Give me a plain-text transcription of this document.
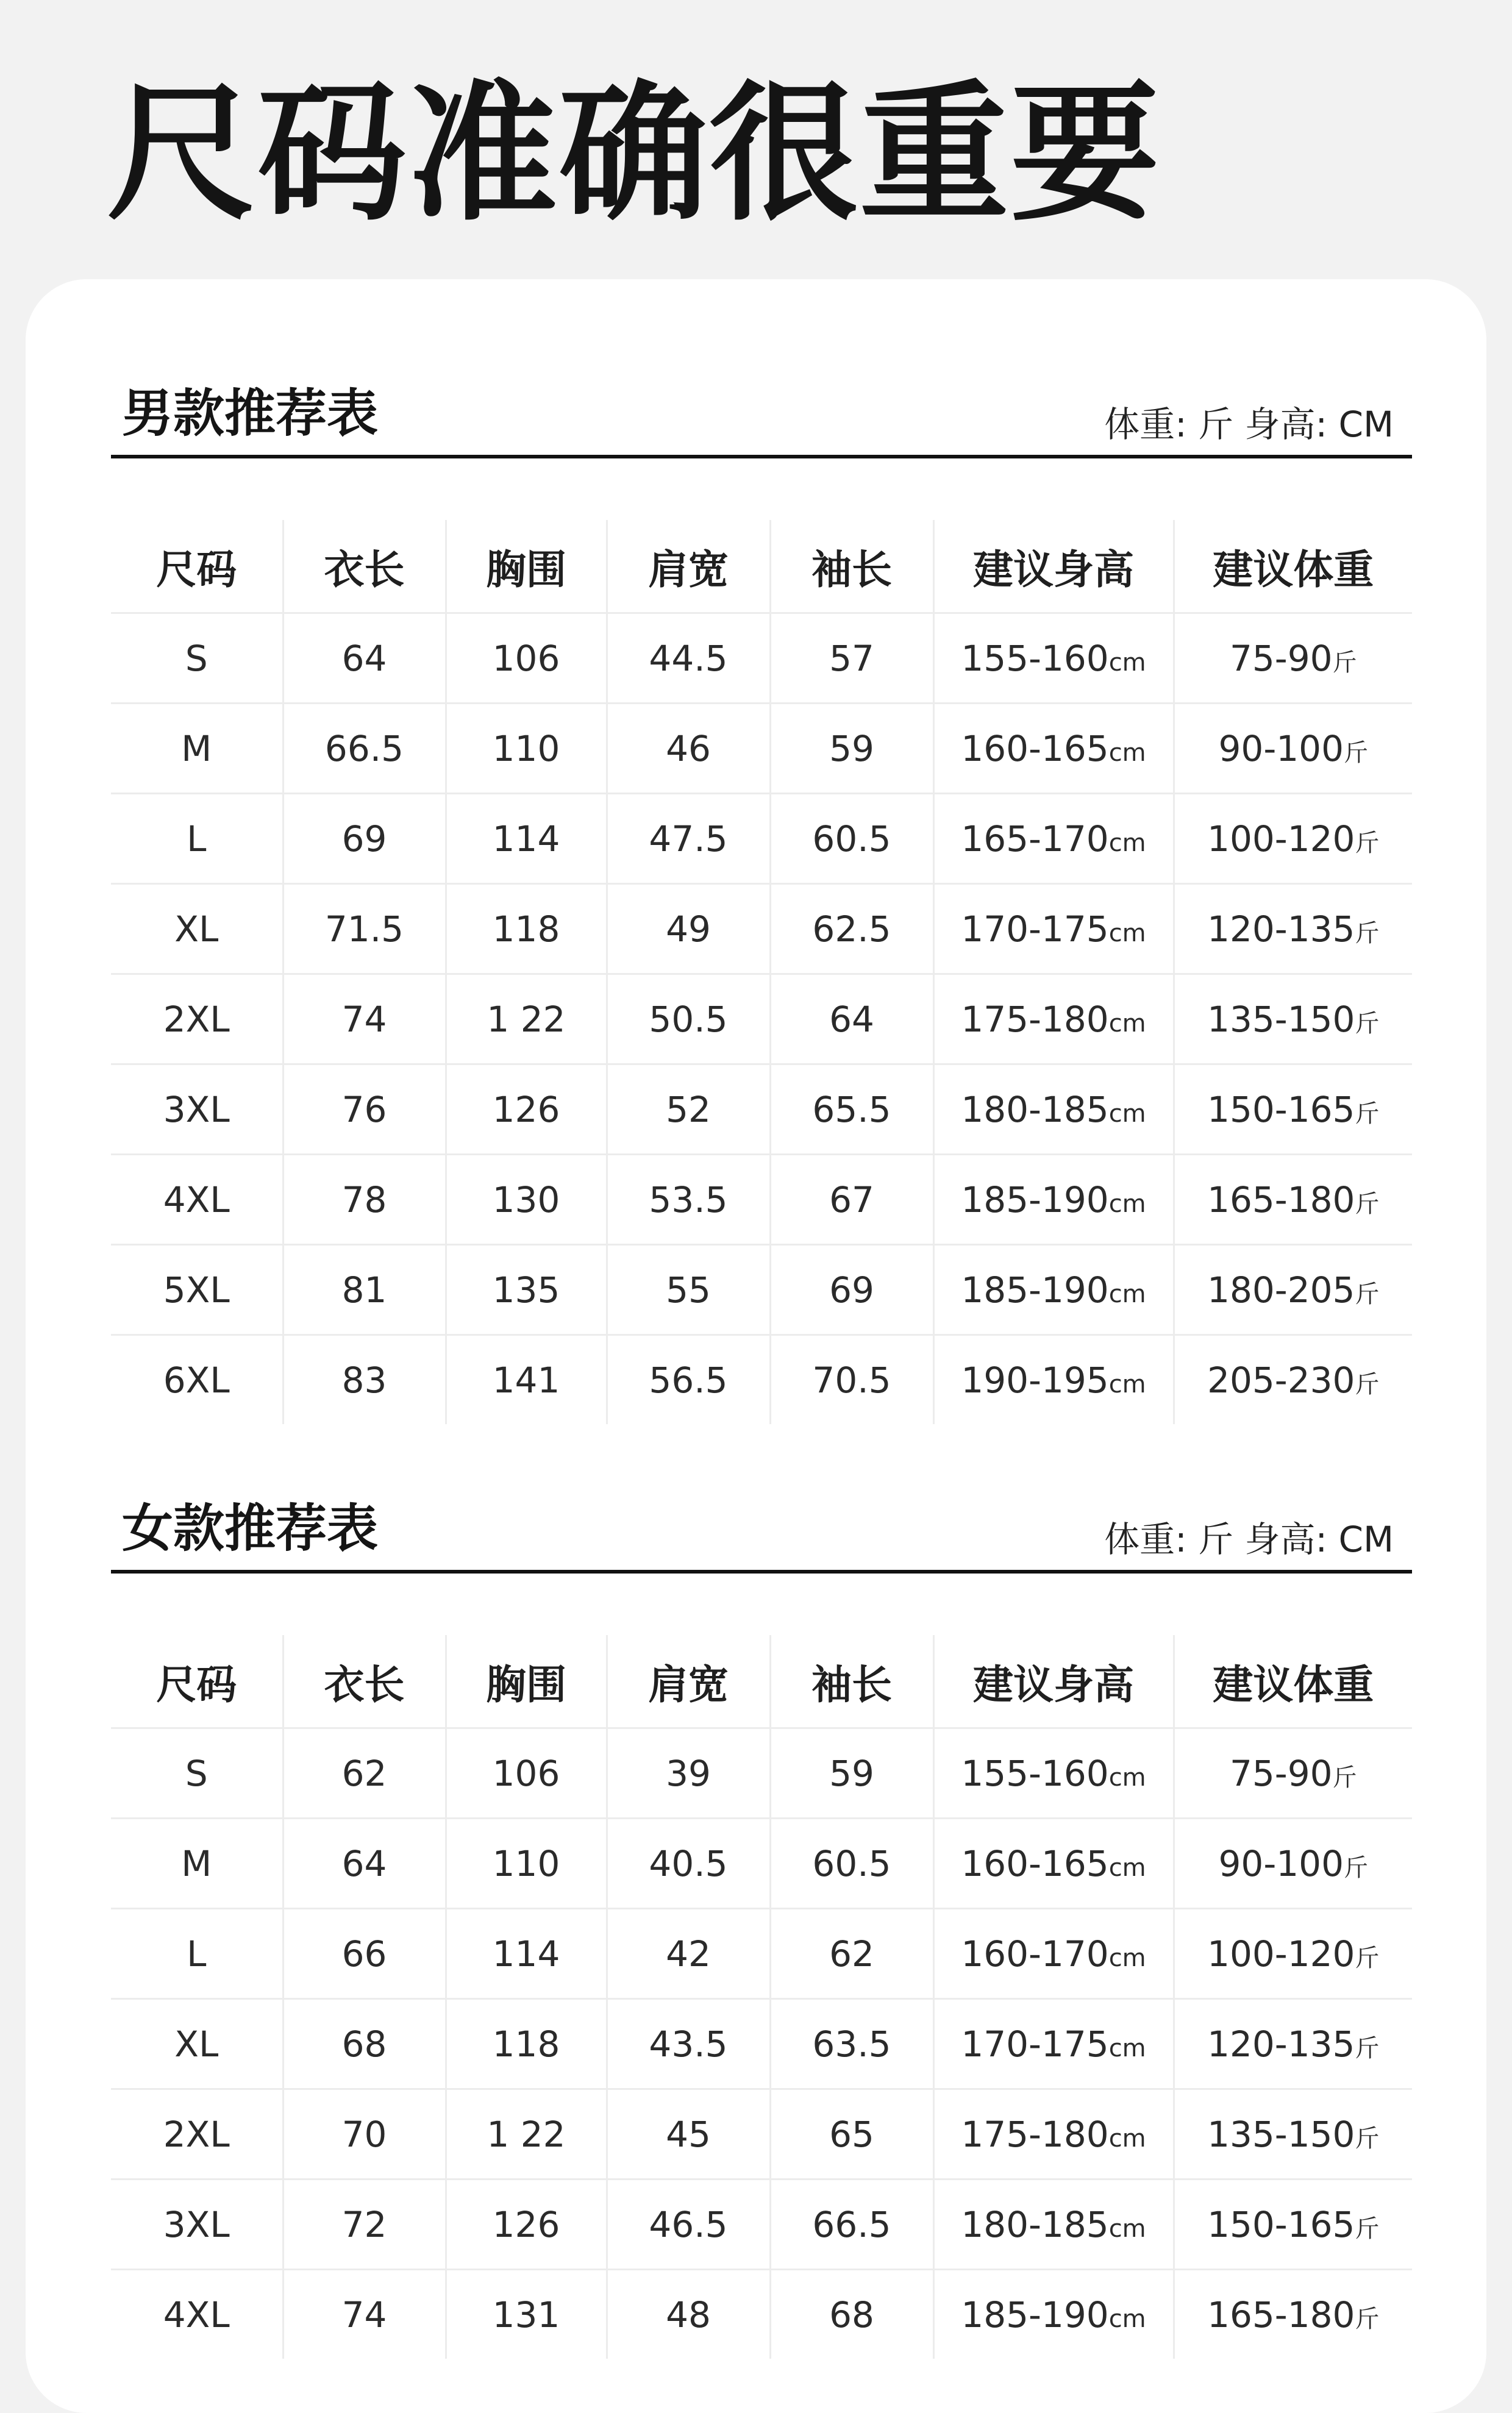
尺码准确很重要
男款推荐表	体重: 斤 身高: CM
尺码	衣长	胸围	肩宽	袖长	建议身高	建议体重
S	64	106	44.5	57	155-160cm	75-90斤
M	66.5	110	46	59	160-165cm	90-100斤
L	69	114	47.5	60.5	165-170cm	100-120斤
XL	71.5	118	49	62.5	170-175cm	120-135斤
2XL	74	1 22	50.5	64	175-180cm	135-150斤
3XL	76	126	52	65.5	180-185cm	150-165斤
4XL	78	130	53.5	67	185-190cm	165-180斤
5XL	81	135	55	69	185-190cm	180-205斤
6XL	83	141	56.5	70.5	190-195cm	205-230斤
女款推荐表	体重: 斤 身高: CM
尺码	衣长	胸围	肩宽	袖长	建议身高	建议体重
S	62	106	39	59	155-160cm	75-90斤
M	64	110	40.5	60.5	160-165cm	90-100斤
L	66	114	42	62	160-170cm	100-120斤
XL	68	118	43.5	63.5	170-175cm	120-135斤
2XL	70	1 22	45	65	175-180cm	135-150斤
3XL	72	126	46.5	66.5	180-185cm	150-165斤
4XL	74	131	48	68	185-190cm	165-180斤
